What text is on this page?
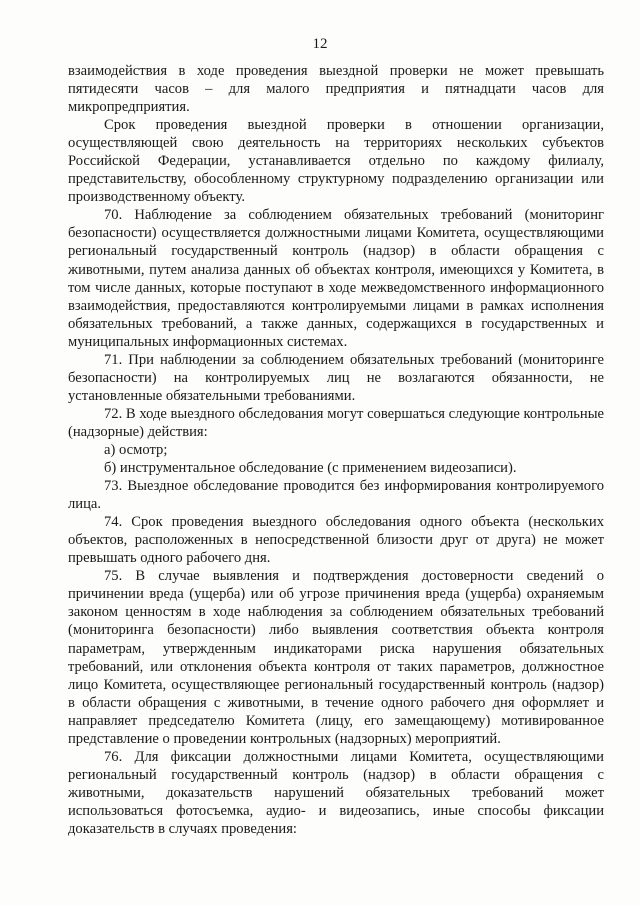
12

взаимодействия в ходе проведения выездной проверки не может превышать пятидесяти часов – для малого предприятия и пятнадцати часов для микропредприятия.

Срок проведения выездной проверки в отношении организации, осуществляющей свою деятельность на территориях нескольких субъектов Российской Федерации, устанавливается отдельно по каждому филиалу, представительству, обособленному структурному подразделению организации или производственному объекту.

70. Наблюдение за соблюдением обязательных требований (мониторинг безопасности) осуществляется должностными лицами Комитета, осуществляющими региональный государственный контроль (надзор) в области обращения с животными, путем анализа данных об объектах контроля, имеющихся у Комитета, в том числе данных, которые поступают в ходе межведомственного информационного взаимодействия, предоставляются контролируемыми лицами в рамках исполнения обязательных требований, а также данных, содержащихся в государственных и муниципальных информационных системах.

71. При наблюдении за соблюдением обязательных требований (мониторинге безопасности) на контролируемых лиц не возлагаются обязанности, не установленные обязательными требованиями.

72. В ходе выездного обследования могут совершаться следующие контрольные (надзорные) действия:

а) осмотр;

б) инструментальное обследование (с применением видеозаписи).

73. Выездное обследование проводится без информирования контролируемого лица.

74. Срок проведения выездного обследования одного объекта (нескольких объектов, расположенных в непосредственной близости друг от друга) не может превышать одного рабочего дня.

75. В случае выявления и подтверждения достоверности сведений о причинении вреда (ущерба) или об угрозе причинения вреда (ущерба) охраняемым законом ценностям в ходе наблюдения за соблюдением обязательных требований (мониторинга безопасности) либо выявления соответствия объекта контроля параметрам, утвержденным индикаторами риска нарушения обязательных требований, или отклонения объекта контроля от таких параметров, должностное лицо Комитета, осуществляющее региональный государственный контроль (надзор) в области обращения с животными, в течение одного рабочего дня оформляет и направляет председателю Комитета (лицу, его замещающему) мотивированное представление о проведении контрольных (надзорных) мероприятий.

76. Для фиксации должностными лицами Комитета, осуществляющими региональный государственный контроль (надзор) в области обращения с животными, доказательств нарушений обязательных требований может использоваться фотосъемка, аудио- и видеозапись, иные способы фиксации доказательств в случаях проведения:
